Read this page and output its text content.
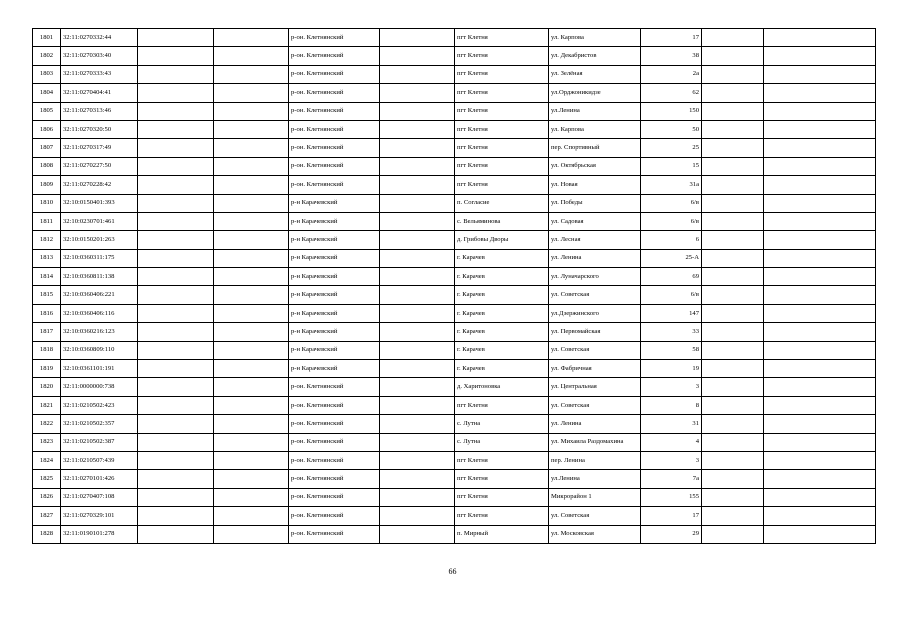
1801	32:11:0270332:44			р-он. Клетнянский		пгт Клетня	ул. Карпова	17		
1802	32:11:0270303:40			р-он. Клетнянский		пгт Клетня	ул. Декабристов	38		
1803	32:11:0270333:43			р-он. Клетнянский		пгт Клетня	ул. Зелёная	2а		
1804	32:11:0270404:41			р-он. Клетнянский		пгт Клетня	ул.Орджоникидзе	62		
1805	32:11:0270313:46			р-он. Клетнянский		пгт Клетня	ул.Ленина	150		
1806	32:11:0270320:50			р-он. Клетнянский		пгт Клетня	ул. Карпова	50		
1807	32:11:0270317:49			р-он. Клетнянский		пгт Клетня	пер. Спортивный	25		
1808	32:11:0270227:50			р-он. Клетнянский		пгт Клетня	ул. Октябрьская	15		
1809	32:11:0270228:42			р-он. Клетнянский		пгт Клетня	ул. Новая	31а		
1810	32:10:0150401:393			р-н Карачевский		п. Согласие	ул. Победы	6/в		
1811	32:10:0230701:461			р-н Карачевский		с. Вельяминова	ул. Садовая	6/в		
1812	32:10:0150201:263			р-н Карачевский		д. Грибовы Дворы	ул. Лесная	6		
1813	32:10:0360311:175			р-н Карачевский		г. Карачев	ул. Ленина	25-А		
1814	32:10:0360811:138			р-н Карачевский		г. Карачев	ул. Луначарского	69		
1815	32:10:0360406:221			р-н Карачевский		г. Карачев	ул. Советская	6/в		
1816	32:10:0360406:116			р-н Карачевский		г. Карачев	ул.Дзержинского	147		
1817	32:10:0360216:123			р-н Карачевский		г. Карачев	ул. Первомайская	33		
1818	32:10:0360809:110			р-н Карачевский		г. Карачев	ул. Советская	58		
1819	32:10:0361101:191			р-н Карачевский		г. Карачев	ул. Фабричная	19		
1820	32:11:0000000:738			р-он. Клетнянский		д. Харитоновка	ул. Центральная	3		
1821	32:11:0210502:423			р-он. Клетнянский		пгт Клетня	ул. Советская	8		
1822	32:11:0210502:357			р-он. Клетнянский		с. Лутна	ул. Ленина	31		
1823	32:11:0210502:387			р-он. Клетнянский		с. Лутна	ул. Михаила Раздомахина	4		
1824	32:11:0210507:439			р-он. Клетнянский		пгт Клетня	пер. Ленина	3		
1825	32:11:0270101:426			р-он. Клетнянский		пгт Клетня	ул.Ленина	7а		
1826	32:11:0270407:108			р-он. Клетнянский		пгт Клетня	Микрорайон 1	155		
1827	32:11:0270329:101			р-он. Клетнянский		пгт Клетня	ул. Советская	17		
1828	32:11:0190101:278			р-он. Клетнянский		п. Мирный	ул. Московская	29		
66
